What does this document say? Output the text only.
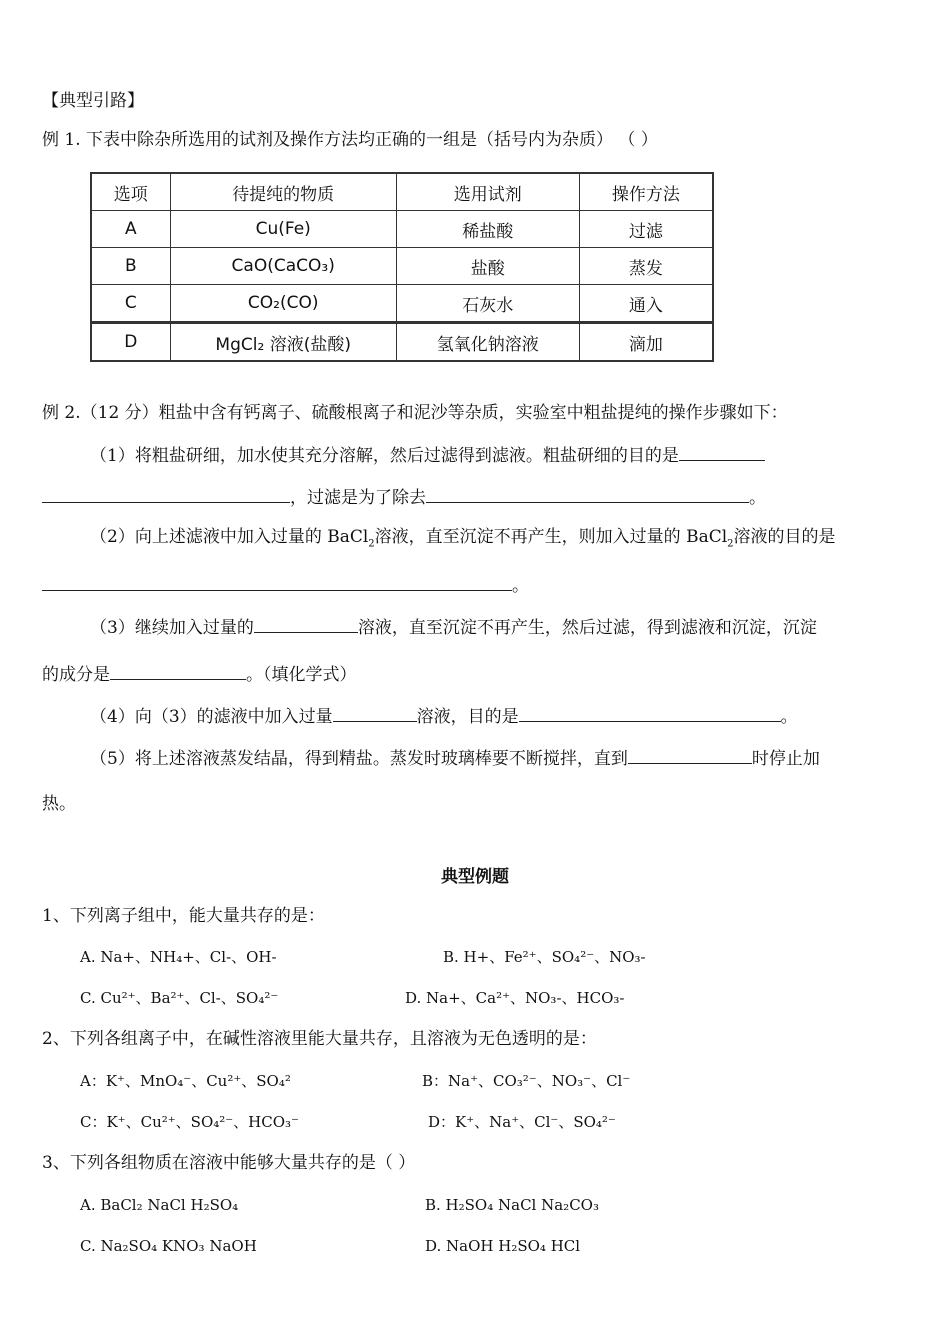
【典型引路】
例 1. 下表中除杂所选用的试剂及操作方法均正确的一组是（括号内为杂质） （ ）
选项	待提纯的物质	选用试剂	操作方法
A	Cu(Fe)	稀盐酸	过滤
B	CaO(CaCO₃)	盐酸	蒸发
C	CO₂(CO)	石灰水	通入
D	MgCl₂ 溶液(盐酸)	氢氧化钠溶液	滴加
例 2.（12 分）粗盐中含有钙离子、硫酸根离子和泥沙等杂质，实验室中粗盐提纯的操作步骤如下：
（1）将粗盐研细，加水使其充分溶解，然后过滤得到滤液。粗盐研细的目的是
，过滤是为了除去	。
（2）向上述滤液中加入过量的 BaCl$_2$溶液，直至沉淀不再产生，则加入过量的 BaCl$_2$溶液的目的是
。
（3）继续加入过量的	溶液，直至沉淀不再产生，然后过滤，得到滤液和沉淀，沉淀
的成分是	。（填化学式）
（4）向（3）的滤液中加入过量	溶液，目的是	。
（5）将上述溶液蒸发结晶，得到精盐。蒸发时玻璃棒要不断搅拌，直到	时停止加
热。
典型例题
1、下列离子组中，能大量共存的是：
A. Na+、NH₄+、Cl-、OH-	B. H+、Fe²⁺、SO₄²⁻、NO₃-
C. Cu²⁺、Ba²⁺、Cl-、SO₄²⁻	D. Na+、Ca²⁺、NO₃-、HCO₃-
2、下列各组离子中，在碱性溶液里能大量共存，且溶液为无色透明的是：
A：K⁺、MnO₄⁻、Cu²⁺、SO₄²	B：Na⁺、CO₃²⁻、NO₃⁻、Cl⁻
C：K⁺、Cu²⁺、SO₄²⁻、HCO₃⁻	D：K⁺、Na⁺、Cl⁻、SO₄²⁻
3、下列各组物质在溶液中能够大量共存的是（ ）
A. BaCl₂ NaCl H₂SO₄	B. H₂SO₄ NaCl Na₂CO₃
C. Na₂SO₄ KNO₃ NaOH	D. NaOH H₂SO₄ HCl
